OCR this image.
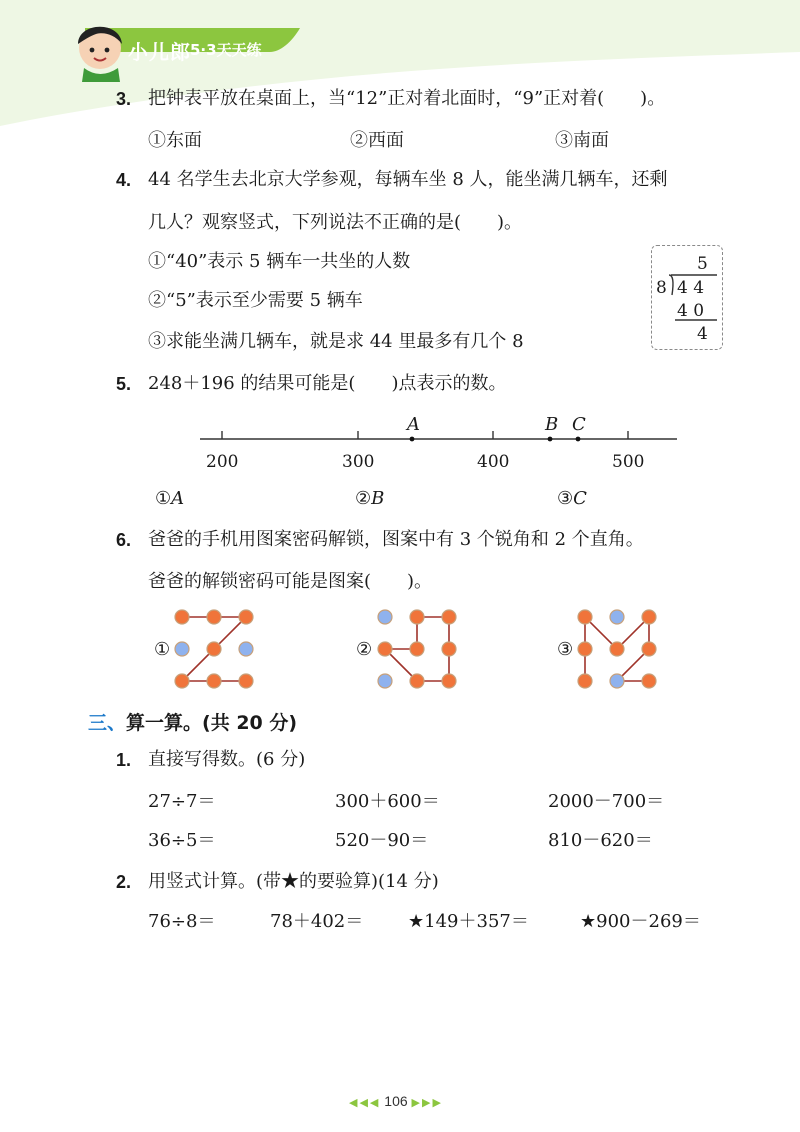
小儿郎 5·3天天练
3. 把钟表平放在桌面上，当“12”正对着北面时，“9”正对着(　　)。
①东面	②西面	③南面
4. 44 名学生去北京大学参观，每辆车坐 8 人，能坐满几辆车，还剩
几人？观察竖式，下列说法不正确的是(　　)。
①“40”表示 5 辆车一共坐的人数
②“5”表示至少需要 5 辆车
③求能坐满几辆车，就是求 44 里最多有几个 8
5
8 4 4
4 0
4
5. 248＋196 的结果可能是(　　)点表示的数。
200	300	400	500
A	B C
①A	②B	③C
6. 爸爸的手机用图案密码解锁，图案中有 3 个锐角和 2 个直角。
爸爸的解锁密码可能是图案(　　)。
①	②	③
三、算一算。(共 20 分)
1. 直接写得数。(6 分)
27÷7＝	300＋600＝	2000－700＝
36÷5＝	520－90＝	810－620＝
2. 用竖式计算。(带★的要验算)(14 分)
76÷8＝	78＋402＝ ★149＋357＝	★900－269＝
◀◀◀ 106 ▶▶▶
